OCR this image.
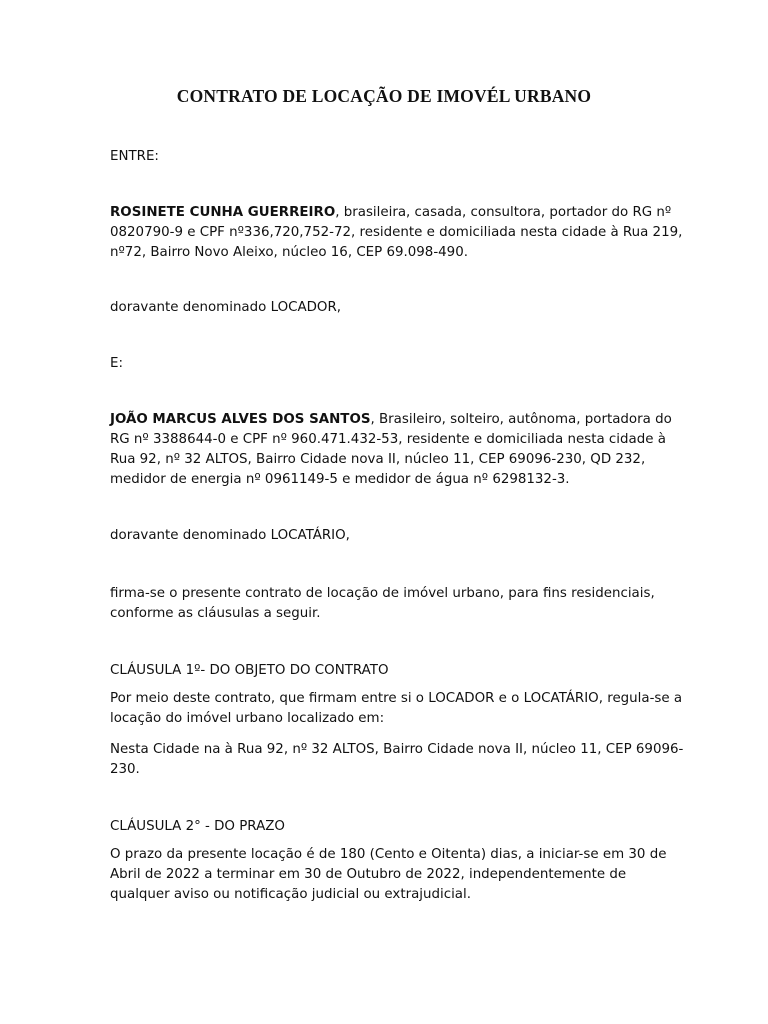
CONTRATO DE LOCAÇÃO DE IMOVÉL URBANO

ENTRE:

ROSINETE CUNHA GUERREIRO, brasileira, casada, consultora, portador do RG nº 0820790-9 e CPF nº336,720,752-72, residente e domiciliada nesta cidade à Rua 219, nº72, Bairro Novo Aleixo, núcleo 16, CEP 69.098-490.

doravante denominado LOCADOR,

E:

JOÃO MARCUS ALVES DOS SANTOS, Brasileiro, solteiro, autônoma, portadora do RG nº 3388644-0 e CPF nº 960.471.432-53, residente e domiciliada nesta cidade à Rua 92, nº 32 ALTOS, Bairro Cidade nova II, núcleo 11, CEP 69096-230, QD 232, medidor de energia nº 0961149-5 e medidor de água nº 6298132-3.

doravante denominado LOCATÁRIO,

firma-se o presente contrato de locação de imóvel urbano, para fins residenciais, conforme as cláusulas a seguir.

CLÁUSULA 1º- DO OBJETO DO CONTRATO

Por meio deste contrato, que firmam entre si o LOCADOR e o LOCATÁRIO, regula-se a locação do imóvel urbano localizado em:

Nesta Cidade na à Rua 92, nº 32 ALTOS, Bairro Cidade nova II, núcleo 11, CEP 69096-230.

CLÁUSULA 2° - DO PRAZO

O prazo da presente locação é de 180 (Cento e Oitenta) dias, a iniciar-se em 30 de Abril de 2022 a terminar em 30 de Outubro de 2022, independentemente de qualquer aviso ou notificação judicial ou extrajudicial.
